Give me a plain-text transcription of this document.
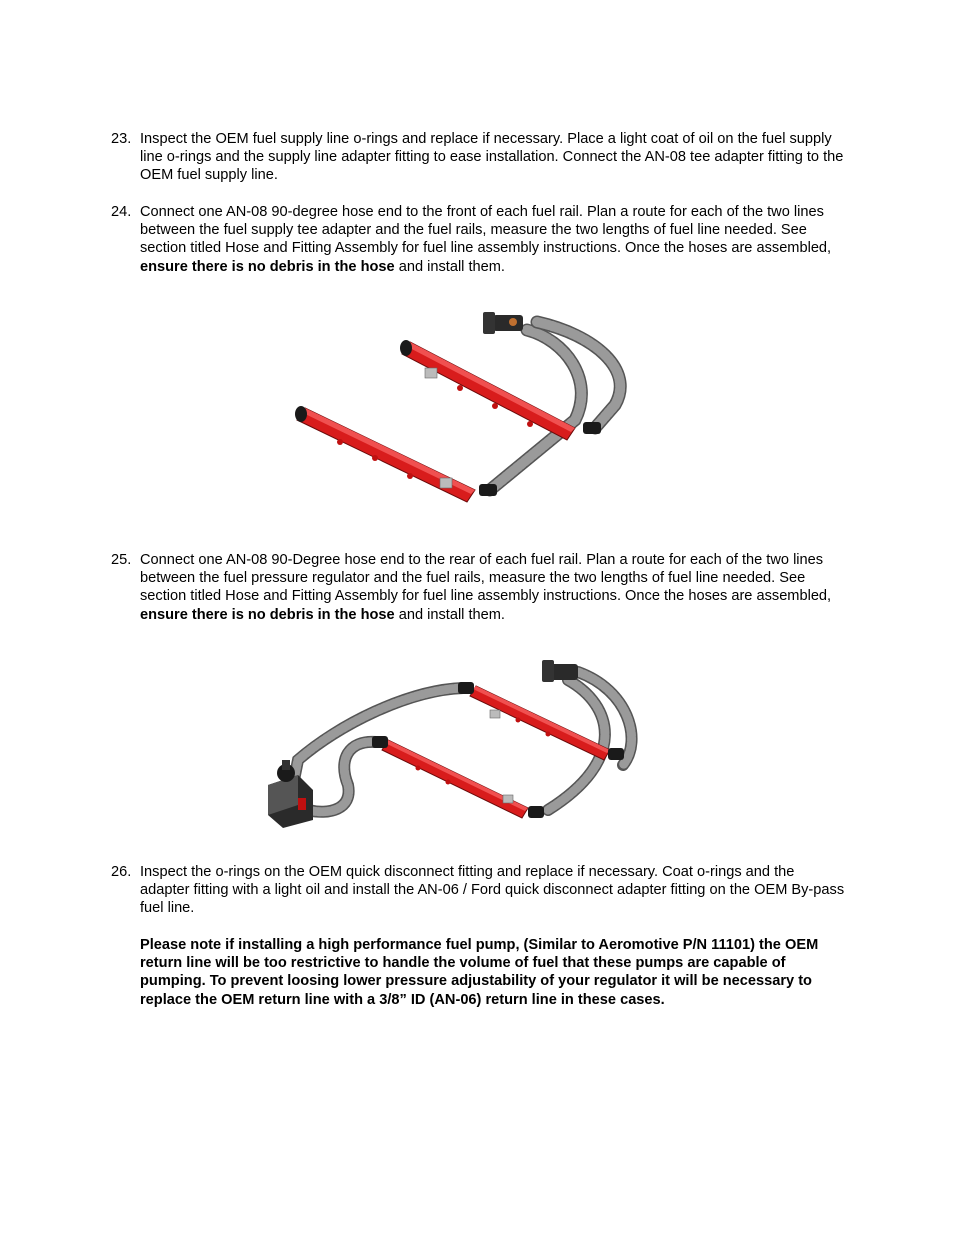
23. Inspect the OEM fuel supply line o-rings and replace if necessary. Place a light coat of oil on the fuel supply line o-rings and the supply line adapter fitting to ease installation. Connect the AN-08 tee adapter fitting to the OEM fuel supply line.
24. Connect one AN-08 90-degree hose end to the front of each fuel rail. Plan a route for each of the two lines between the fuel supply tee adapter and the fuel rails, measure the two lengths of fuel line needed. See section titled Hose and Fitting Assembly for fuel line assembly instructions. Once the hoses are assembled, ensure there is no debris in the hose and install them.
25. Connect one AN-08 90-Degree hose end to the rear of each fuel rail. Plan a route for each of the two lines between the fuel pressure regulator and the fuel rails, measure the two lengths of fuel line needed. See section titled Hose and Fitting Assembly for fuel line assembly instructions. Once the hoses are assembled, ensure there is no debris in the hose and install them.
26. Inspect the o-rings on the OEM quick disconnect fitting and replace if necessary. Coat o-rings and the adapter fitting with a light oil and install the AN-06 / Ford quick disconnect adapter fitting on the OEM By-pass fuel line.
Please note if installing a high performance fuel pump, (Similar to Aeromotive P/N 11101) the OEM return line will be too restrictive to handle the volume of fuel that these pumps are capable of pumping. To prevent loosing lower pressure adjustability of your regulator it will be necessary to replace the OEM return line with a 3/8” ID (AN-06) return line in these cases.
